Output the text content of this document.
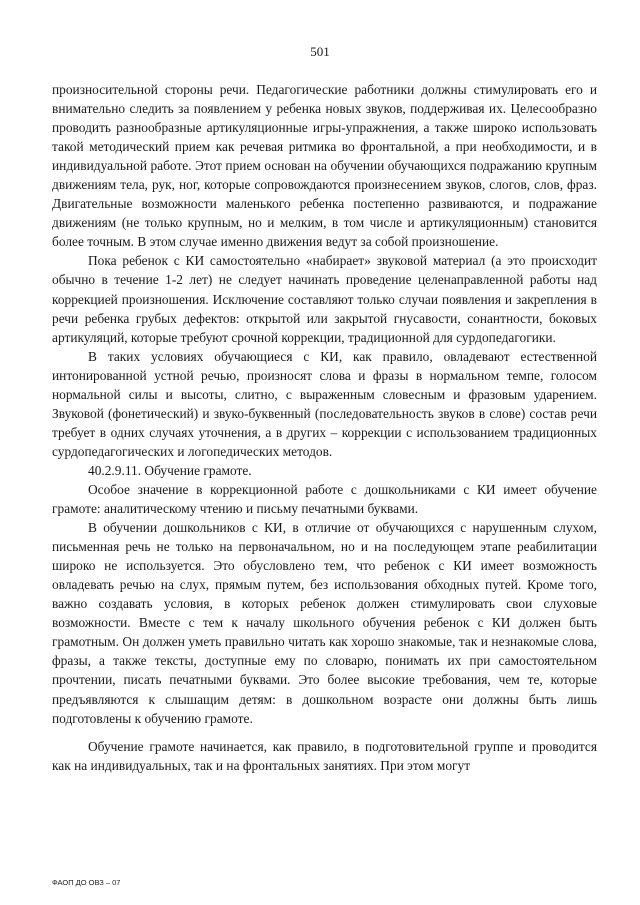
501

произносительной стороны речи. Педагогические работники должны стимулировать его и внимательно следить за появлением у ребенка новых звуков, поддерживая их. Целесообразно проводить разнообразные артикуляционные игры-упражнения, а также широко использовать такой методический прием как речевая ритмика во фронтальной, а при необходимости, и в индивидуальной работе. Этот прием основан на обучении обучающихся подражанию крупным движениям тела, рук, ног, которые сопровождаются произнесением звуков, слогов, слов, фраз. Двигательные возможности маленького ребенка постепенно развиваются, и подражание движениям (не только крупным, но и мелким, в том числе и артикуляционным) становится более точным. В этом случае именно движения ведут за собой произношение.

Пока ребенок с КИ самостоятельно «набирает» звуковой материал (а это происходит обычно в течение 1-2 лет) не следует начинать проведение целенаправленной работы над коррекцией произношения. Исключение составляют только случаи появления и закрепления в речи ребенка грубых дефектов: открытой или закрытой гнусавости, сонантности, боковых артикуляций, которые требуют срочной коррекции, традиционной для сурдопедагогики.

В таких условиях обучающиеся с КИ, как правило, овладевают естественной интонированной устной речью, произносят слова и фразы в нормальном темпе, голосом нормальной силы и высоты, слитно, с выраженным словесным и фразовым ударением. Звуковой (фонетический) и звуко-буквенный (последовательность звуков в слове) состав речи требует в одних случаях уточнения, а в других – коррекции с использованием традиционных сурдопедагогических и логопедических методов.

40.2.9.11. Обучение грамоте.

Особое значение в коррекционной работе с дошкольниками с КИ имеет обучение грамоте: аналитическому чтению и письму печатными буквами.

В обучении дошкольников с КИ, в отличие от обучающихся с нарушенным слухом, письменная речь не только на первоначальном, но и на последующем этапе реабилитации широко не используется. Это обусловлено тем, что ребенок с КИ имеет возможность овладевать речью на слух, прямым путем, без использования обходных путей. Кроме того, важно создавать условия, в которых ребенок должен стимулировать свои слуховые возможности. Вместе с тем к началу школьного обучения ребенок с КИ должен быть грамотным. Он должен уметь правильно читать как хорошо знакомые, так и незнакомые слова, фразы, а также тексты, доступные ему по словарю, понимать их при самостоятельном прочтении, писать печатными буквами. Это более высокие требования, чем те, которые предъявляются к слышащим детям: в дошкольном возрасте они должны быть лишь подготовлены к обучению грамоте.

Обучение грамоте начинается, как правило, в подготовительной группе и проводится как на индивидуальных, так и на фронтальных занятиях. При этом могут

ФАОП ДО ОВЗ – 07
